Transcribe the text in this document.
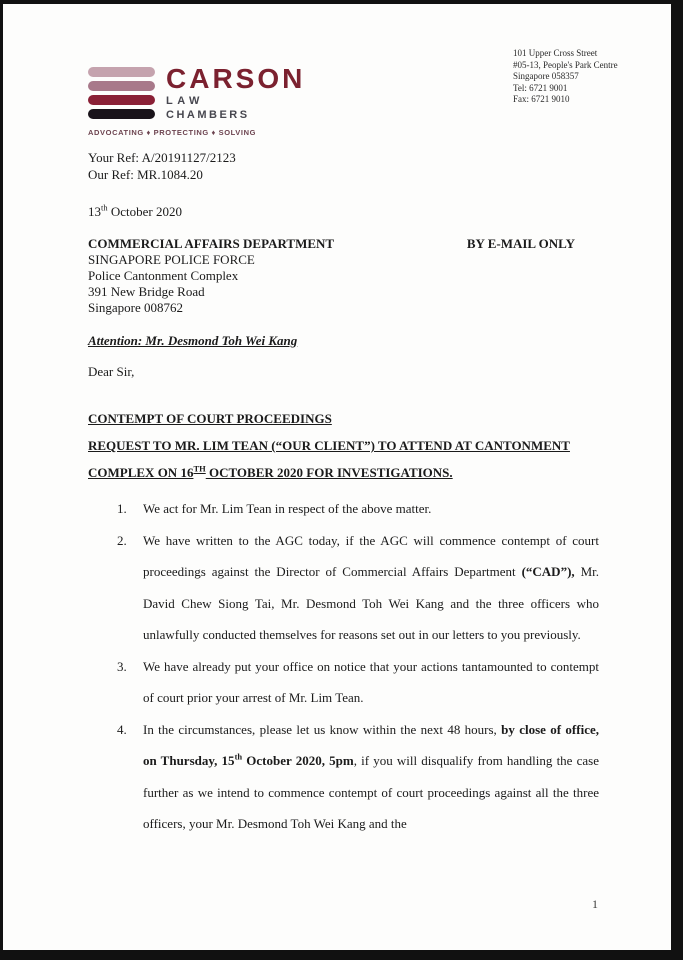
CARSON
LAW
CHAMBERS
ADVOCATING ♦ PROTECTING ♦ SOLVING
101 Upper Cross Street
#05-13, People's Park Centre
Singapore 058357
Tel: 6721 9001
Fax: 6721 9010
Your Ref: A/20191127/2123
Our Ref: MR.1084.20
13th October 2020
COMMERCIAL AFFAIRS DEPARTMENT	BY E-MAIL ONLY
SINGAPORE POLICE FORCE
Police Cantonment Complex
391 New Bridge Road
Singapore 008762
Attention: Mr. Desmond Toh Wei Kang
Dear Sir,
CONTEMPT OF COURT PROCEEDINGS
REQUEST TO MR. LIM TEAN (“OUR CLIENT”) TO ATTEND AT CANTONMENT
COMPLEX ON 16TH OCTOBER 2020 FOR INVESTIGATIONS.
1. We act for Mr. Lim Tean in respect of the above matter.
2. We have written to the AGC today, if the AGC will commence contempt of court proceedings against the Director of Commercial Affairs Department (“CAD”), Mr. David Chew Siong Tai, Mr. Desmond Toh Wei Kang and the three officers who unlawfully conducted themselves for reasons set out in our letters to you previously.
3. We have already put your office on notice that your actions tantamounted to contempt of court prior your arrest of Mr. Lim Tean.
4. In the circumstances, please let us know within the next 48 hours, by close of office, on Thursday, 15th October 2020, 5pm, if you will disqualify from handling the case further as we intend to commence contempt of court proceedings against all the three officers, your Mr. Desmond Toh Wei Kang and the
1
